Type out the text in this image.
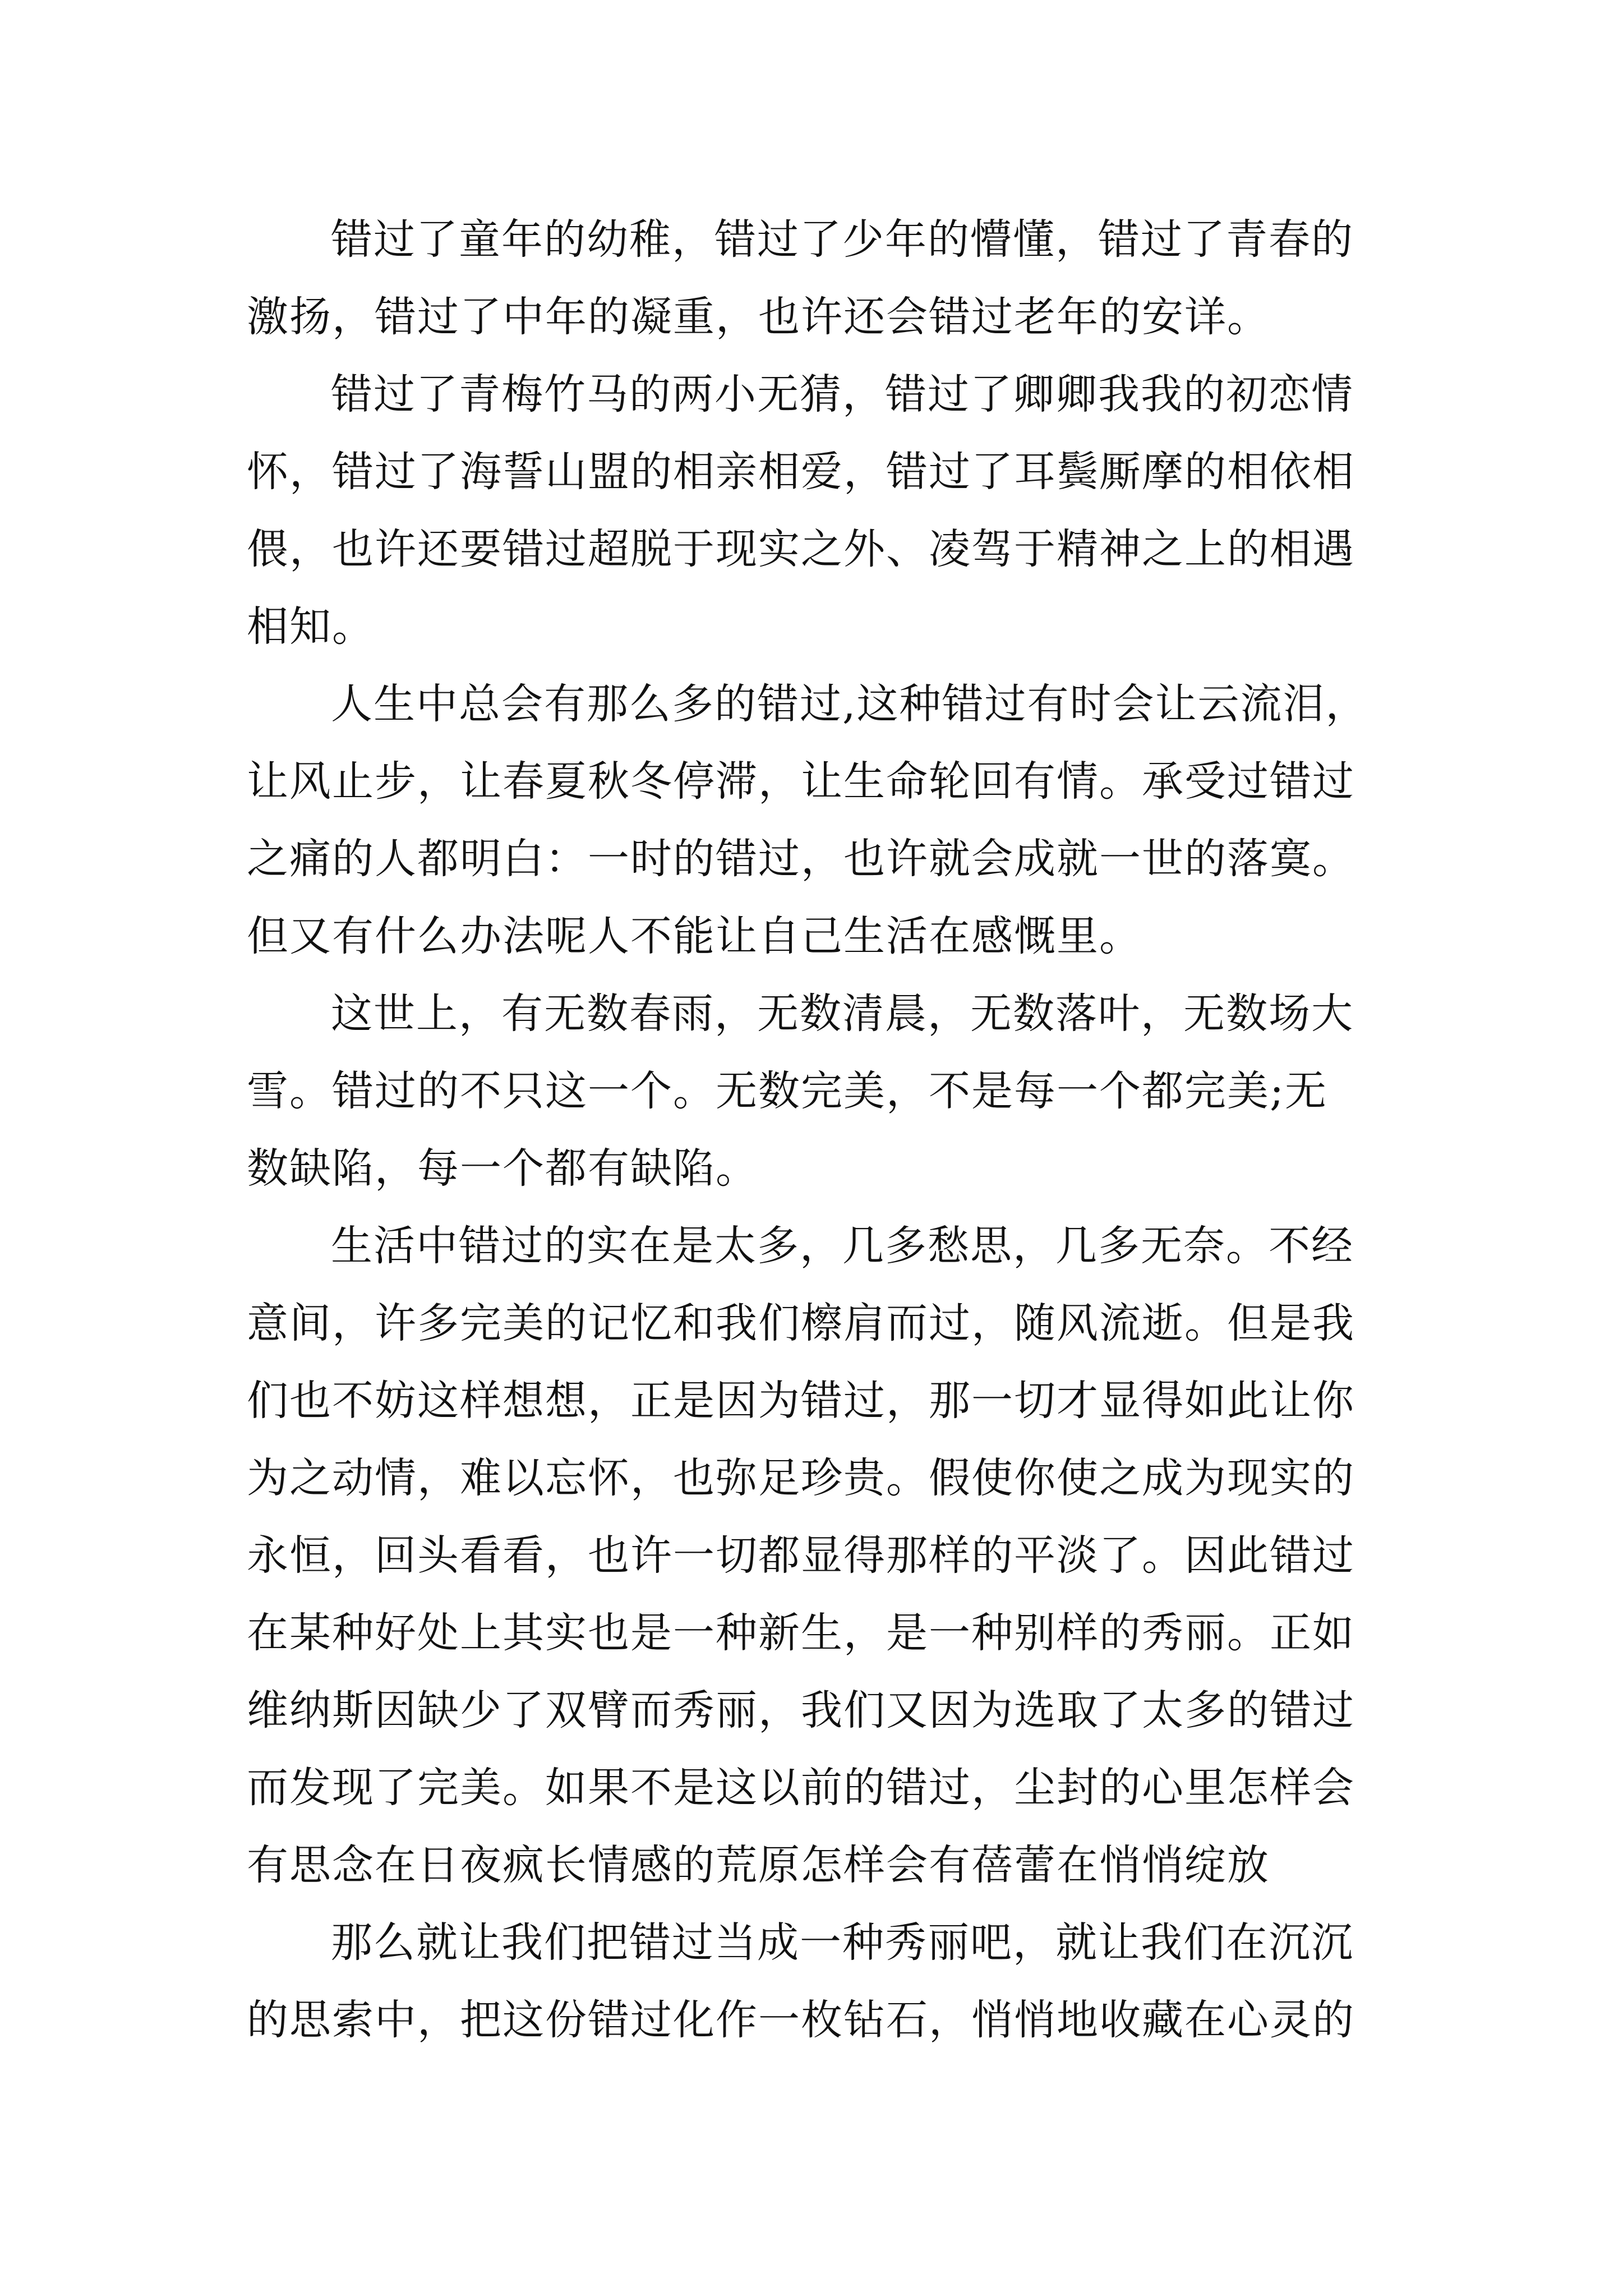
错过了童年的幼稚，错过了少年的懵懂，错过了青春的
激扬，错过了中年的凝重，也许还会错过老年的安详。
错过了青梅竹马的两小无猜，错过了卿卿我我的初恋情
怀，错过了海誓山盟的相亲相爱，错过了耳鬓厮摩的相依相
偎，也许还要错过超脱于现实之外、凌驾于精神之上的相遇
相知。
人生中总会有那么多的错过,这种错过有时会让云流泪，
让风止步，让春夏秋冬停滞，让生命轮回有情。承受过错过
之痛的人都明白：一时的错过，也许就会成就一世的落寞。
但又有什么办法呢人不能让自己生活在感慨里。
这世上，有无数春雨，无数清晨，无数落叶，无数场大
雪。错过的不只这一个。无数完美，不是每一个都完美;无
数缺陷，每一个都有缺陷。
生活中错过的实在是太多，几多愁思，几多无奈。不经
意间，许多完美的记忆和我们檫肩而过，随风流逝。但是我
们也不妨这样想想，正是因为错过，那一切才显得如此让你
为之动情，难以忘怀，也弥足珍贵。假使你使之成为现实的
永恒，回头看看，也许一切都显得那样的平淡了。因此错过
在某种好处上其实也是一种新生，是一种别样的秀丽。正如
维纳斯因缺少了双臂而秀丽，我们又因为选取了太多的错过
而发现了完美。如果不是这以前的错过，尘封的心里怎样会
有思念在日夜疯长情感的荒原怎样会有蓓蕾在悄悄绽放
那么就让我们把错过当成一种秀丽吧，就让我们在沉沉
的思索中，把这份错过化作一枚钻石，悄悄地收藏在心灵的
